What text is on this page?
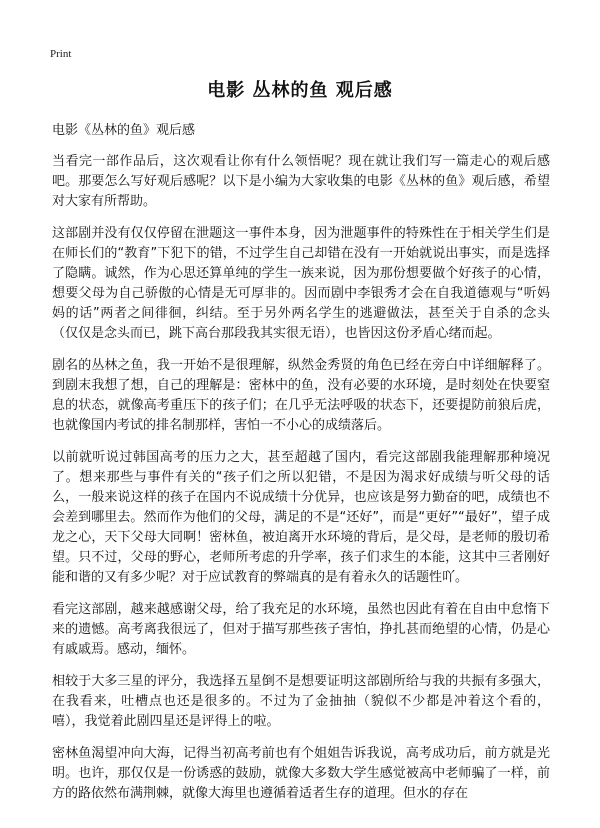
Print
电影 丛林的鱼 观后感

电影《丛林的鱼》观后感

当看完一部作品后，这次观看让你有什么领悟呢？现在就让我们写一篇走心的观后感吧。那要怎么写好观后感呢？以下是小编为大家收集的电影《丛林的鱼》观后感，希望对大家有所帮助。

这部剧并没有仅仅停留在泄题这一事件本身，因为泄题事件的特殊性在于相关学生们是在师长们的“教育”下犯下的错，不过学生自己却错在没有一开始就说出事实，而是选择了隐瞒。诚然，作为心思还算单纯的学生一族来说，因为那份想要做个好孩子的心情，想要父母为自己骄傲的心情是无可厚非的。因而剧中李银秀才会在自我道德观与“听妈妈的话”两者之间徘徊，纠结。至于另外两名学生的逃避做法，甚至关于自杀的念头（仅仅是念头而已，跳下高台那段我其实很无语），也皆因这份矛盾心绪而起。

剧名的丛林之鱼，我一开始不是很理解，纵然金秀贤的角色已经在旁白中详细解释了。到剧末我想了想，自己的理解是：密林中的鱼，没有必要的水环境，是时刻处在快要窒息的状态，就像高考重压下的孩子们；在几乎无法呼吸的状态下，还要提防前狼后虎，也就像国内考试的排名制那样，害怕一不小心的成绩落后。

以前就听说过韩国高考的压力之大，甚至超越了国内，看完这部剧我能理解那种境况了。想来那些与事件有关的“孩子们之所以犯错，不是因为渴求好成绩与听父母的话么，一般来说这样的孩子在国内不说成绩十分优异，也应该是努力勤奋的吧，成绩也不会差到哪里去。然而作为他们的父母，满足的不是“还好”，而是“更好”“最好”，望子成龙之心，天下父母大同啊！密林鱼，被迫离开水环境的背后，是父母，是老师的殷切希望。只不过，父母的野心，老师所考虑的升学率，孩子们求生的本能，这其中三者刚好能和谐的又有多少呢？对于应试教育的弊端真的是有着永久的话题性吖。

看完这部剧，越来越感谢父母，给了我充足的水环境，虽然也因此有着在自由中怠惰下来的遗憾。高考离我很远了，但对于描写那些孩子害怕，挣扎甚而绝望的心情，仍是心有戚戚焉。感动，缅怀。

相较于大多三星的评分，我选择五星倒不是想要证明这部剧所给与我的共振有多强大，在我看来，吐槽点也还是很多的。不过为了金抽抽（貌似不少都是冲着这个看的，嘻），我觉着此剧四星还是评得上的啦。

密林鱼渴望冲向大海，记得当初高考前也有个姐姐告诉我说，高考成功后，前方就是光明。也许，那仅仅是一份诱惑的鼓励，就像大多数大学生感觉被高中老师骗了一样，前方的路依然布满荆棘，就像大海里也遵循着适者生存的道理。但水的存在
